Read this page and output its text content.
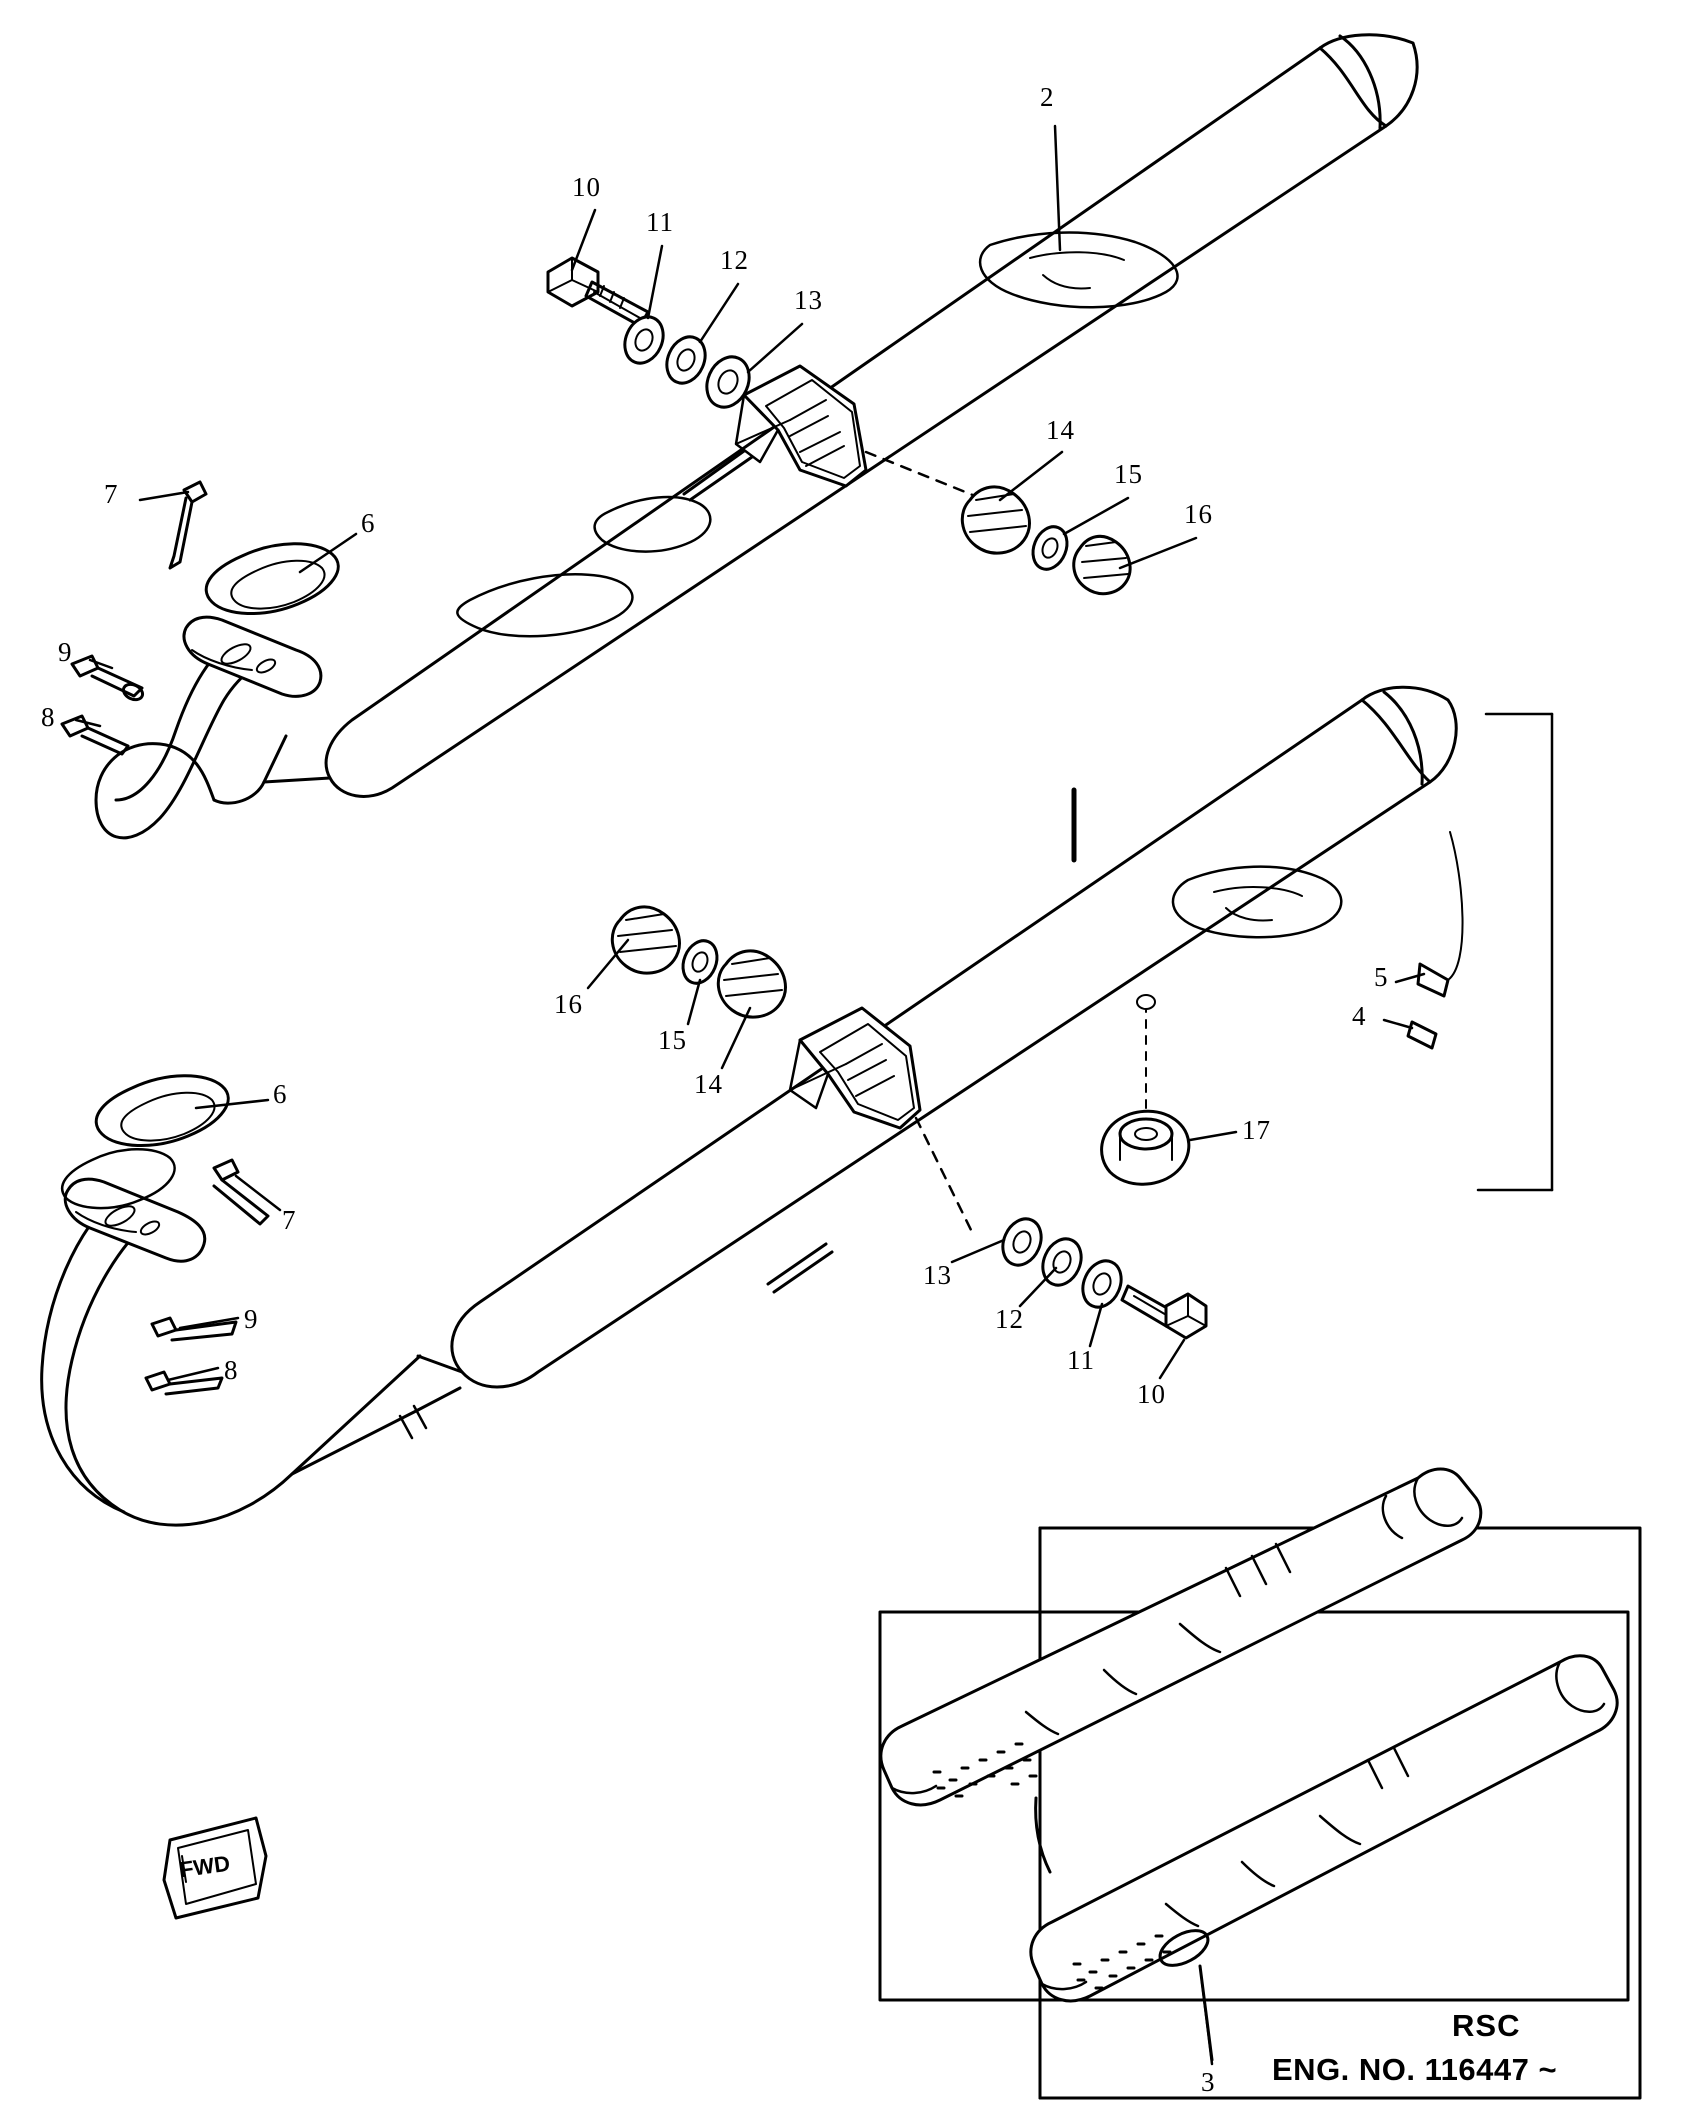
2
10
11
12
13
14
15
16
7
6
9
8
16
15
14
5
4
17
6
7
9
8
13
12
11
10
3
RSC
ENG. NO. 116447 ~
FWD
